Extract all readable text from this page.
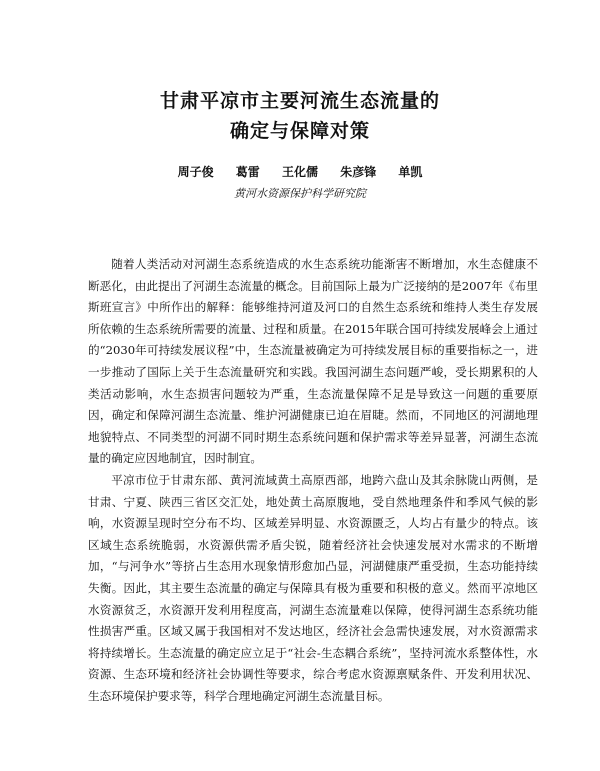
甘肃平凉市主要河流生态流量的
确定与保障对策
周子俊 葛雷 王化儒 朱彦锋 单凯
黄河水资源保护科学研究院

随着人类活动对河湖生态系统造成的水生态系统功能渐害不断增加，水生态健康不断恶化，由此提出了河湖生态流量的概念。目前国际上最为广泛接纳的是2007年《布里斯班宣言》中所作出的解释：能够维持河道及河口的自然生态系统和维持人类生存发展所依赖的生态系统所需要的流量、过程和质量。在2015年联合国可持续发展峰会上通过的“2030年可持续发展议程”中，生态流量被确定为可持续发展目标的重要指标之一，进一步推动了国际上关于生态流量研究和实践。我国河湖生态问题严峻，受长期累积的人类活动影响，水生态损害问题较为严重，生态流量保障不足是导致这一问题的重要原因，确定和保障河湖生态流量、维护河湖健康已迫在眉睫。然而，不同地区的河湖地理地貌特点、不同类型的河湖不同时期生态系统问题和保护需求等差异显著，河湖生态流量的确定应因地制宜，因时制宜。

平凉市位于甘肃东部、黄河流域黄土高原西部，地跨六盘山及其余脉陇山两侧，是甘肃、宁夏、陕西三省区交汇处，地处黄土高原腹地，受自然地理条件和季风气候的影响，水资源呈现时空分布不均、区域差异明显、水资源匮乏，人均占有量少的特点。该区域生态系统脆弱，水资源供需矛盾尖锐，随着经济社会快速发展对水需求的不断增加，“与河争水”等挤占生态用水现象情形愈加凸显，河湖健康严重受损，生态功能持续失衡。因此，其主要生态流量的确定与保障具有极为重要和积极的意义。然而平凉地区水资源贫乏，水资源开发利用程度高，河湖生态流量难以保障，使得河湖生态系统功能性损害严重。区域又属于我国相对不发达地区，经济社会急需快速发展，对水资源需求将持续增长。生态流量的确定应立足于“社会-生态耦合系统”，坚持河流水系整体性，水资源、生态环境和经济社会协调性等要求，综合考虑水资源禀赋条件、开发利用状况、生态环境保护要求等，科学合理地确定河湖生态流量目标。
